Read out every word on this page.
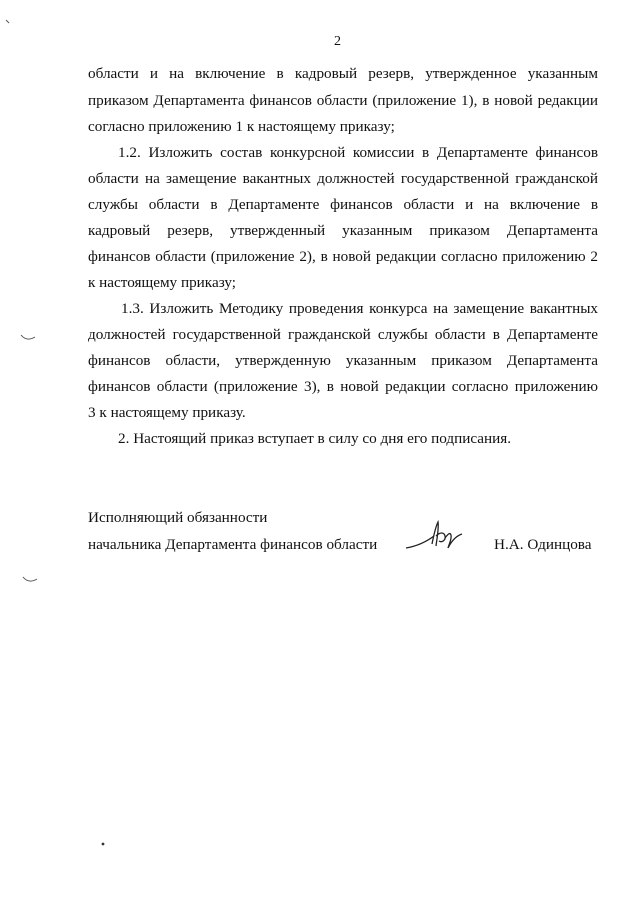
2
области и на включение в кадровый резерв, утвержденное указанным
приказом Департамента финансов области (приложение 1), в новой редакции
согласно приложению 1 к настоящему приказу;
1.2. Изложить состав конкурсной комиссии в Департаменте финансов
области на замещение вакантных должностей государственной гражданской
службы области в Департаменте финансов области и на включение в
кадровый резерв, утвержденный указанным приказом Департамента
финансов области (приложение 2), в новой редакции согласно приложению 2
к настоящему приказу;
1.3. Изложить Методику проведения конкурса на замещение вакантных
должностей государственной гражданской службы области в Департаменте
финансов области, утвержденную указанным приказом Департамента
финансов области (приложение 3), в новой редакции согласно приложению
3 к настоящему приказу.
2. Настоящий приказ вступает в силу со дня его подписания.
Исполняющий обязанности
начальника Департамента финансов области	Н.А. Одинцова
